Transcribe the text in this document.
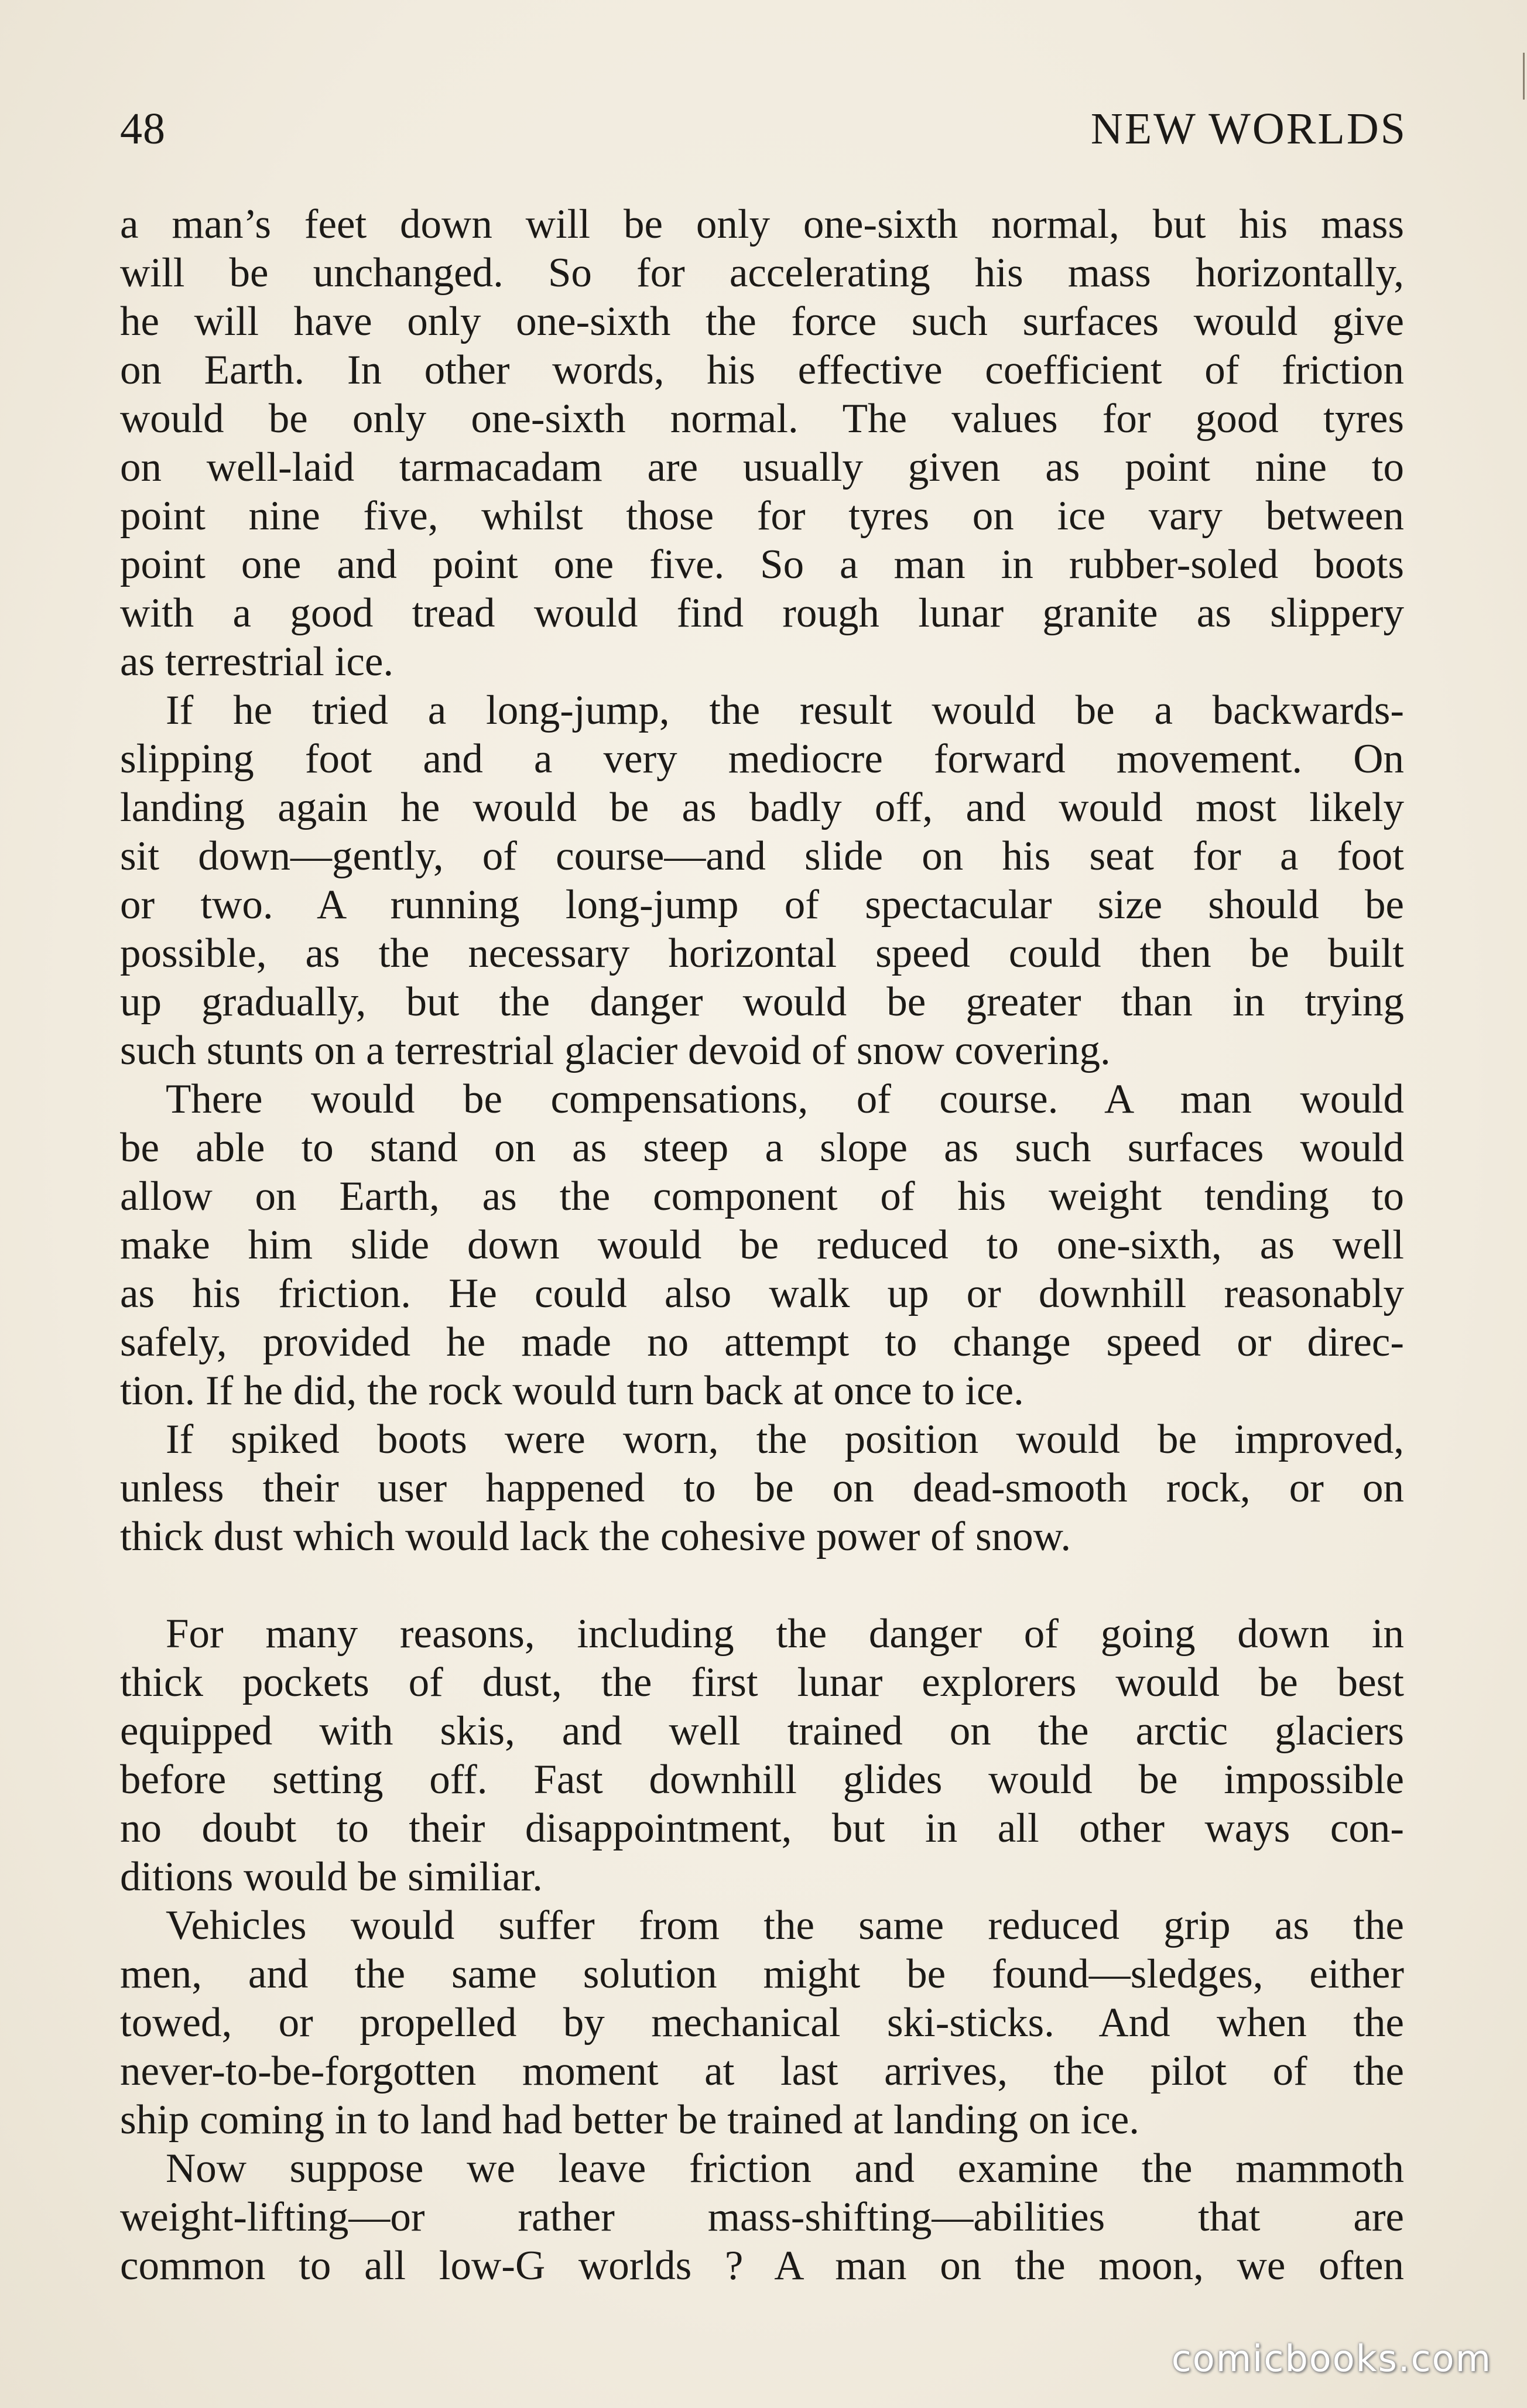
48	NEW WORLDS
a man’s feet down will be only one-sixth normal, but his mass
will be unchanged. So for accelerating his mass horizontally,
he will have only one-sixth the force such surfaces would give
on Earth. In other words, his effective coefficient of friction
would be only one-sixth normal. The values for good tyres
on well-laid tarmacadam are usually given as point nine to
point nine five, whilst those for tyres on ice vary between
point one and point one five. So a man in rubber-soled boots
with a good tread would find rough lunar granite as slippery
as terrestrial ice.
If he tried a long-jump, the result would be a backwards-
slipping foot and a very mediocre forward movement. On
landing again he would be as badly off, and would most likely
sit down—gently, of course—and slide on his seat for a foot
or two. A running long-jump of spectacular size should be
possible, as the necessary horizontal speed could then be built
up gradually, but the danger would be greater than in trying
such stunts on a terrestrial glacier devoid of snow covering.
There would be compensations, of course. A man would
be able to stand on as steep a slope as such surfaces would
allow on Earth, as the component of his weight tending to
make him slide down would be reduced to one-sixth, as well
as his friction. He could also walk up or downhill reasonably
safely, provided he made no attempt to change speed or direc-
tion. If he did, the rock would turn back at once to ice.
If spiked boots were worn, the position would be improved,
unless their user happened to be on dead-smooth rock, or on
thick dust which would lack the cohesive power of snow.
For many reasons, including the danger of going down in
thick pockets of dust, the first lunar explorers would be best
equipped with skis, and well trained on the arctic glaciers
before setting off. Fast downhill glides would be impossible
no doubt to their disappointment, but in all other ways con-
ditions would be similiar.
Vehicles would suffer from the same reduced grip as the
men, and the same solution might be found—sledges, either
towed, or propelled by mechanical ski-sticks. And when the
never-to-be-forgotten moment at last arrives, the pilot of the
ship coming in to land had better be trained at landing on ice.
Now suppose we leave friction and examine the mammoth
weight-lifting—or rather mass-shifting—abilities that are
common to all low-G worlds ? A man on the moon, we often
comicbooks.com
